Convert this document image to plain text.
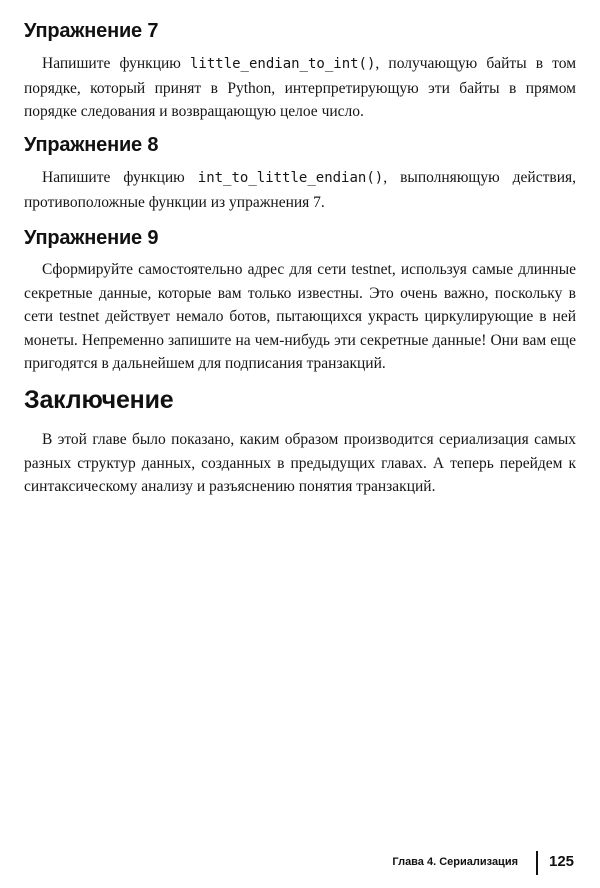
Упражнение 7

Напишите функцию little_endian_to_int(), получающую байты в том порядке, который принят в Python, интерпретирующую эти байты в прямом порядке следования и возвращающую целое число.

Упражнение 8

Напишите функцию int_to_little_endian(), выполняющую действия, противоположные функции из упражнения 7.

Упражнение 9

Сформируйте самостоятельно адрес для сети testnet, используя самые длинные секретные данные, которые вам только известны. Это очень важно, поскольку в сети testnet действует немало ботов, пытающихся украсть циркулирующие в ней монеты. Непременно запишите на чем-нибудь эти секретные данные! Они вам еще пригодятся в дальнейшем для подписания транзакций.

Заключение

В этой главе было показано, каким образом производится сериализация самых разных структур данных, созданных в предыдущих главах. А теперь перейдем к синтаксическому анализу и разъяснению понятия транзакций.

Глава 4. Сериализация 125
